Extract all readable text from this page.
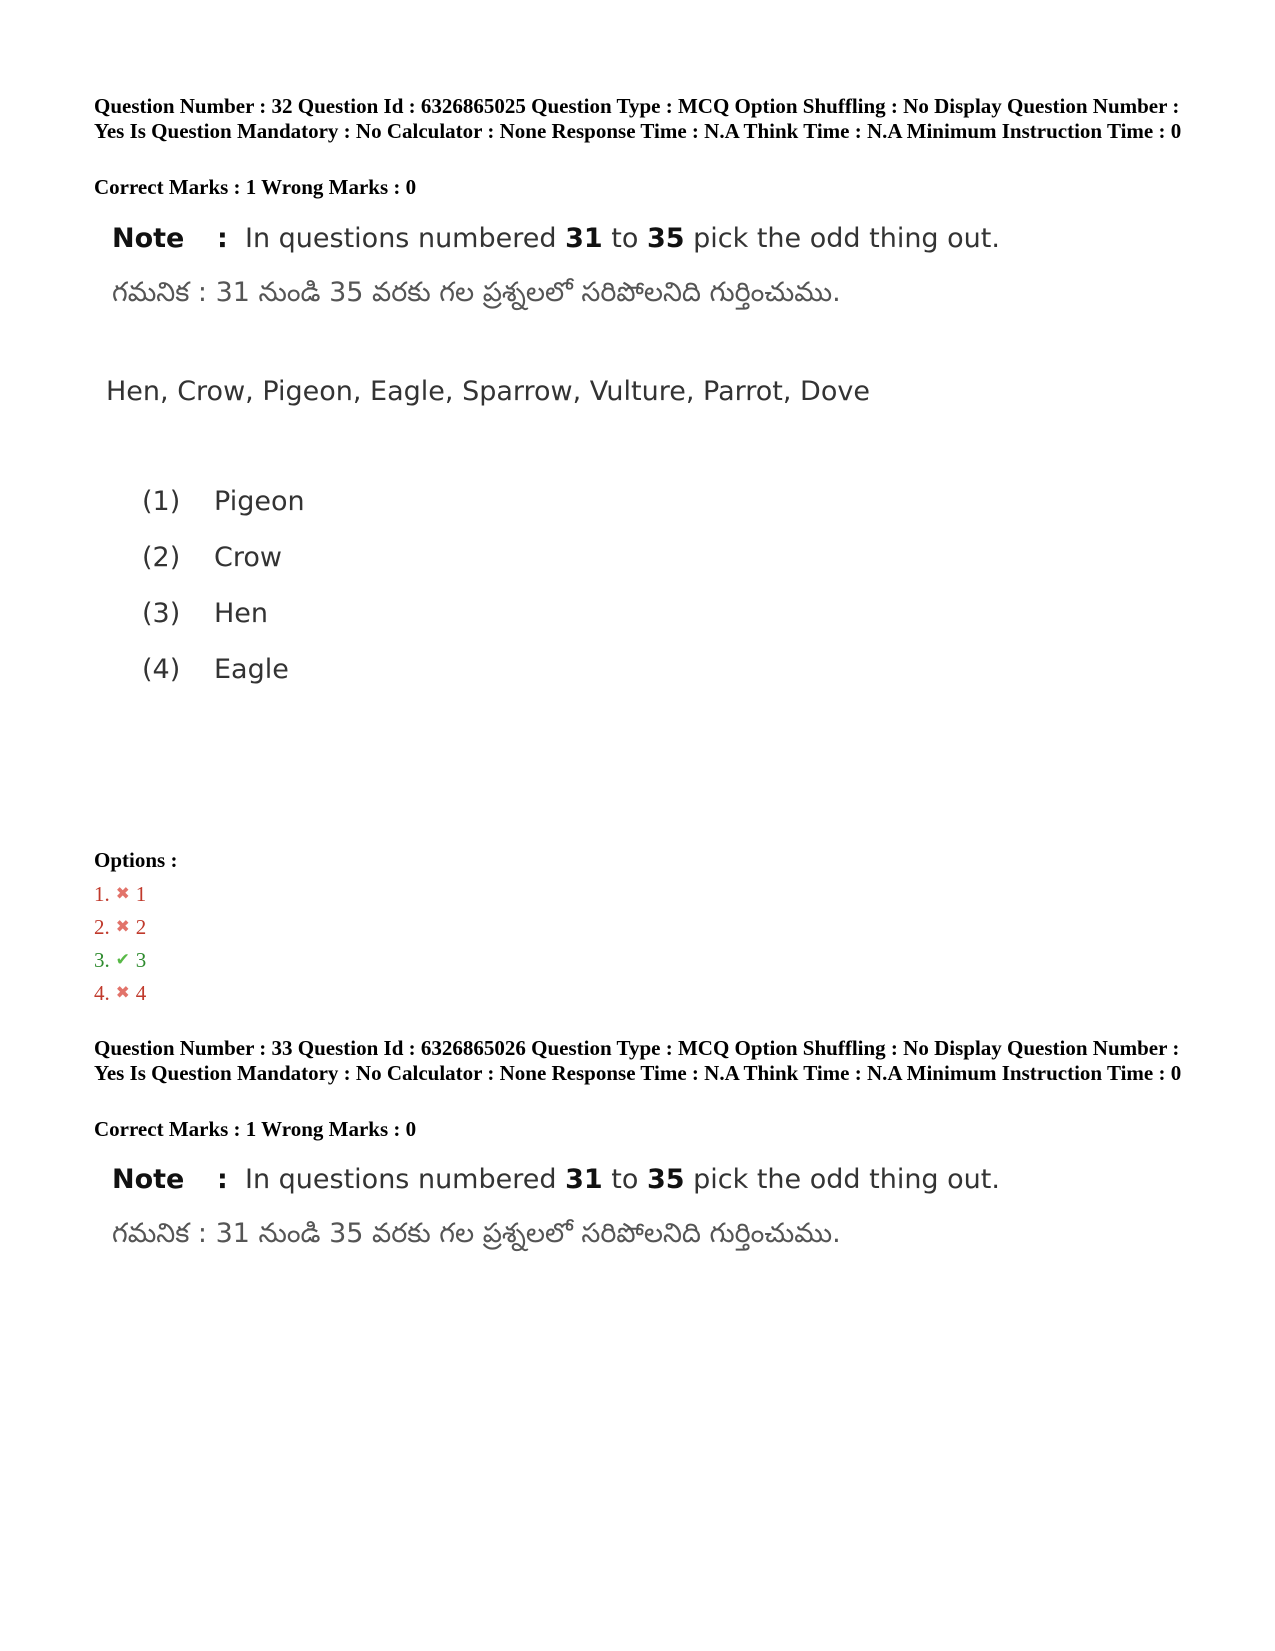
Question Number : 32 Question Id : 6326865025 Question Type : MCQ Option Shuffling : No Display Question Number : Yes Is Question Mandatory : No Calculator : None Response Time : N.A Think Time : N.A Minimum Instruction Time : 0
Correct Marks : 1 Wrong Marks : 0
Note : In questions numbered 31 to 35 pick the odd thing out.
గమనిక : 31 నుండి 35 వరకు గల ప్రశ్నలలో సరిపోలనిది గుర్తించుము.
Hen, Crow, Pigeon, Eagle, Sparrow, Vulture, Parrot, Dove
(1) Pigeon
(2) Crow
(3) Hen
(4) Eagle
Options :
1. ✖ 1
2. ✖ 2
3. ✔ 3
4. ✖ 4
Question Number : 33 Question Id : 6326865026 Question Type : MCQ Option Shuffling : No Display Question Number : Yes Is Question Mandatory : No Calculator : None Response Time : N.A Think Time : N.A Minimum Instruction Time : 0
Correct Marks : 1 Wrong Marks : 0
Note : In questions numbered 31 to 35 pick the odd thing out.
గమనిక : 31 నుండి 35 వరకు గల ప్రశ్నలలో సరిపోలనిది గుర్తించుము.
